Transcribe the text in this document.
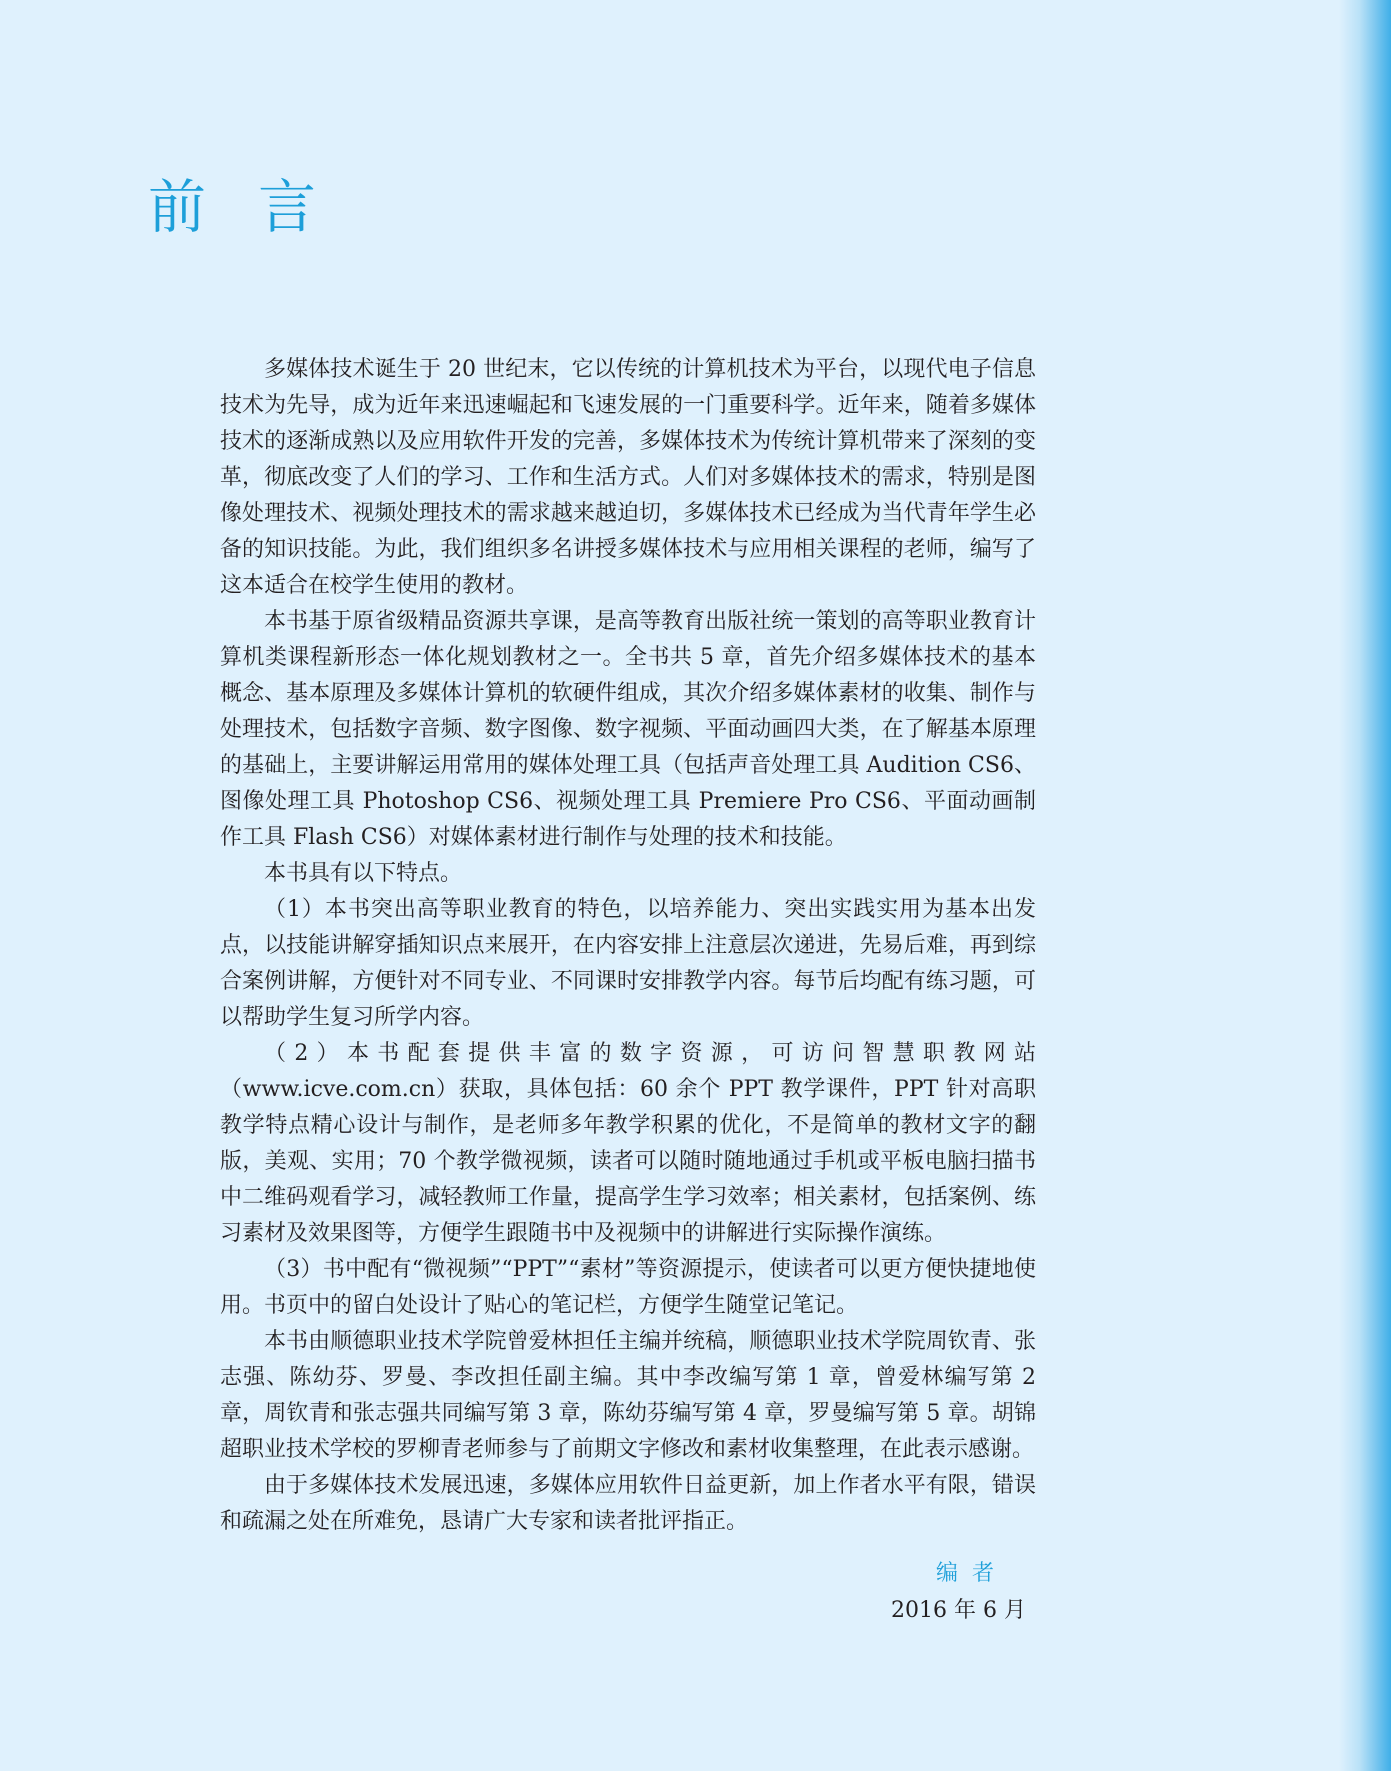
前言

多媒体技术诞生于 20 世纪末，它以传统的计算机技术为平台，以现代电子信息技术为先导，成为近年来迅速崛起和飞速发展的一门重要科学。近年来，随着多媒体技术的逐渐成熟以及应用软件开发的完善，多媒体技术为传统计算机带来了深刻的变革，彻底改变了人们的学习、工作和生活方式。人们对多媒体技术的需求，特别是图像处理技术、视频处理技术的需求越来越迫切，多媒体技术已经成为当代青年学生必备的知识技能。为此，我们组织多名讲授多媒体技术与应用相关课程的老师，编写了这本适合在校学生使用的教材。

本书基于原省级精品资源共享课，是高等教育出版社统一策划的高等职业教育计算机类课程新形态一体化规划教材之一。全书共 5 章，首先介绍多媒体技术的基本概念、基本原理及多媒体计算机的软硬件组成，其次介绍多媒体素材的收集、制作与处理技术，包括数字音频、数字图像、数字视频、平面动画四大类，在了解基本原理的基础上，主要讲解运用常用的媒体处理工具（包括声音处理工具 Audition CS6、图像处理工具 Photoshop CS6、视频处理工具 Premiere Pro CS6、平面动画制作工具 Flash CS6）对媒体素材进行制作与处理的技术和技能。

本书具有以下特点。

（1）本书突出高等职业教育的特色，以培养能力、突出实践实用为基本出发点，以技能讲解穿插知识点来展开，在内容安排上注意层次递进，先易后难，再到综合案例讲解，方便针对不同专业、不同课时安排教学内容。每节后均配有练习题，可以帮助学生复习所学内容。

（2）本书配套提供丰富的数字资源，可访问智慧职教网站（www.icve.com.cn）获取，具体包括：60 余个 PPT 教学课件，PPT 针对高职教学特点精心设计与制作，是老师多年教学积累的优化，不是简单的教材文字的翻版，美观、实用；70 个教学微视频，读者可以随时随地通过手机或平板电脑扫描书中二维码观看学习，减轻教师工作量，提高学生学习效率；相关素材，包括案例、练习素材及效果图等，方便学生跟随书中及视频中的讲解进行实际操作演练。

（3）书中配有“微视频”“PPT”“素材”等资源提示，使读者可以更方便快捷地使用。书页中的留白处设计了贴心的笔记栏，方便学生随堂记笔记。

本书由顺德职业技术学院曾爱林担任主编并统稿，顺德职业技术学院周钦青、张志强、陈幼芬、罗曼、李改担任副主编。其中李改编写第 1 章，曾爱林编写第 2 章，周钦青和张志强共同编写第 3 章，陈幼芬编写第 4 章，罗曼编写第 5 章。胡锦超职业技术学校的罗柳青老师参与了前期文字修改和素材收集整理，在此表示感谢。

由于多媒体技术发展迅速，多媒体应用软件日益更新，加上作者水平有限，错误和疏漏之处在所难免，恳请广大专家和读者批评指正。

编者
2016 年 6 月
